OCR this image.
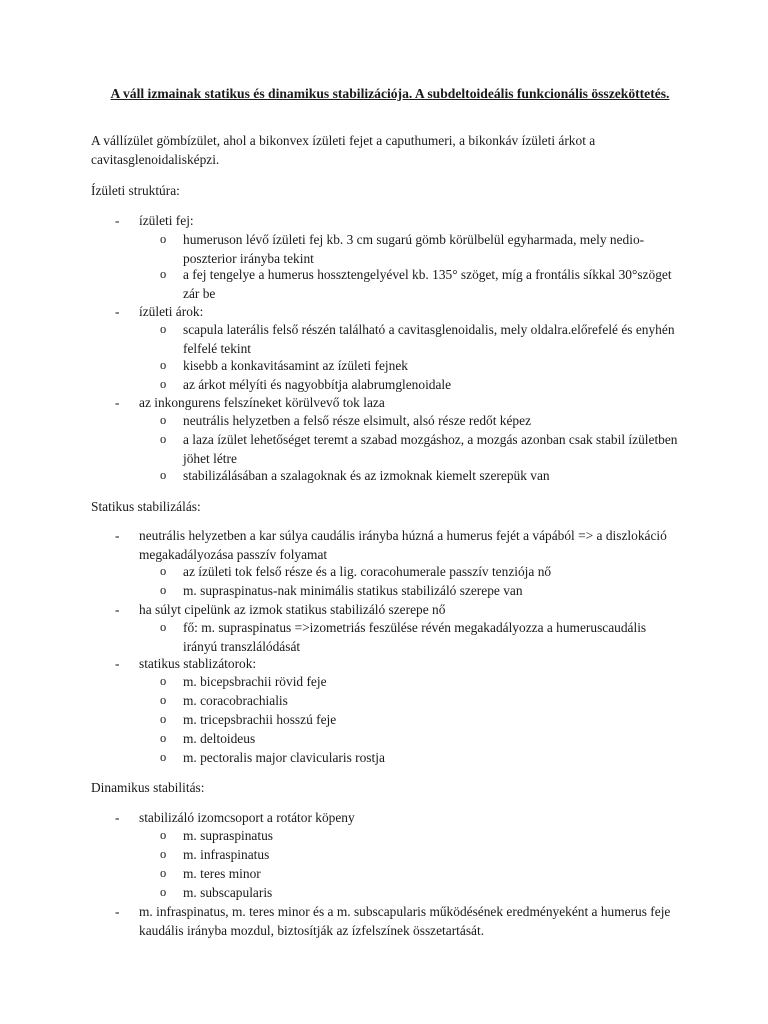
A váll izmainak statikus és dinamikus stabilizációja. A subdeltoideális funkcionális összeköttetés.
A vállízület gömbízület, ahol a bikonvex ízületi fejet a caputhumeri, a bikonkáv ízületi árkot a cavitasglenoidalisképzi.
Ízületi struktúra:
- ízületi fej:
o humeruson lévő ízületi fej kb. 3 cm sugarú gömb körülbelül egyharmada, mely nedio-poszterior irányba tekint
o a fej tengelye a humerus hossztengelyével kb. 135° szöget, míg a frontális síkkal 30°szöget zár be
- ízületi árok:
o scapula laterális felső részén található a cavitasglenoidalis, mely oldalra.előrefelé és enyhén felfelé tekint
o kisebb a konkavitásamint az ízületi fejnek
o az árkot mélyíti és nagyobbítja alabrumglenoidale
- az inkongurens felszíneket körülvevő tok laza
o neutrális helyzetben a felső része elsimult, alsó része redőt képez
o a laza ízület lehetőséget teremt a szabad mozgáshoz, a mozgás azonban csak stabil ízületben jöhet létre
o stabilizálásában a szalagoknak és az izmoknak kiemelt szerepük van
Statikus stabilizálás:
- neutrális helyzetben a kar súlya caudális irányba húzná a humerus fejét a vápából => a diszlokáció megakadályozása passzív folyamat
o az ízületi tok felső része és a lig. coracohumerale passzív tenziója nő
o m. supraspinatus-nak minimális statikus stabilizáló szerepe van
- ha súlyt cipelünk az izmok statikus stabilizáló szerepe nő
o fő: m. supraspinatus =>izometriás feszülése révén megakadályozza a humeruscaudális irányú transzlálódását
- statikus stablizátorok:
o m. bicepsbrachii rövid feje
o m. coracobrachialis
o m. tricepsbrachii hosszú feje
o m. deltoideus
o m. pectoralis major clavicularis rostja
Dinamikus stabilitás:
- stabilizáló izomcsoport a rotátor köpeny
o m. supraspinatus
o m. infraspinatus
o m. teres minor
o m. subscapularis
- m. infraspinatus, m. teres minor és a m. subscapularis működésének eredményeként a humerus feje kaudális irányba mozdul, biztosítják az ízfelszínek összetartását.
